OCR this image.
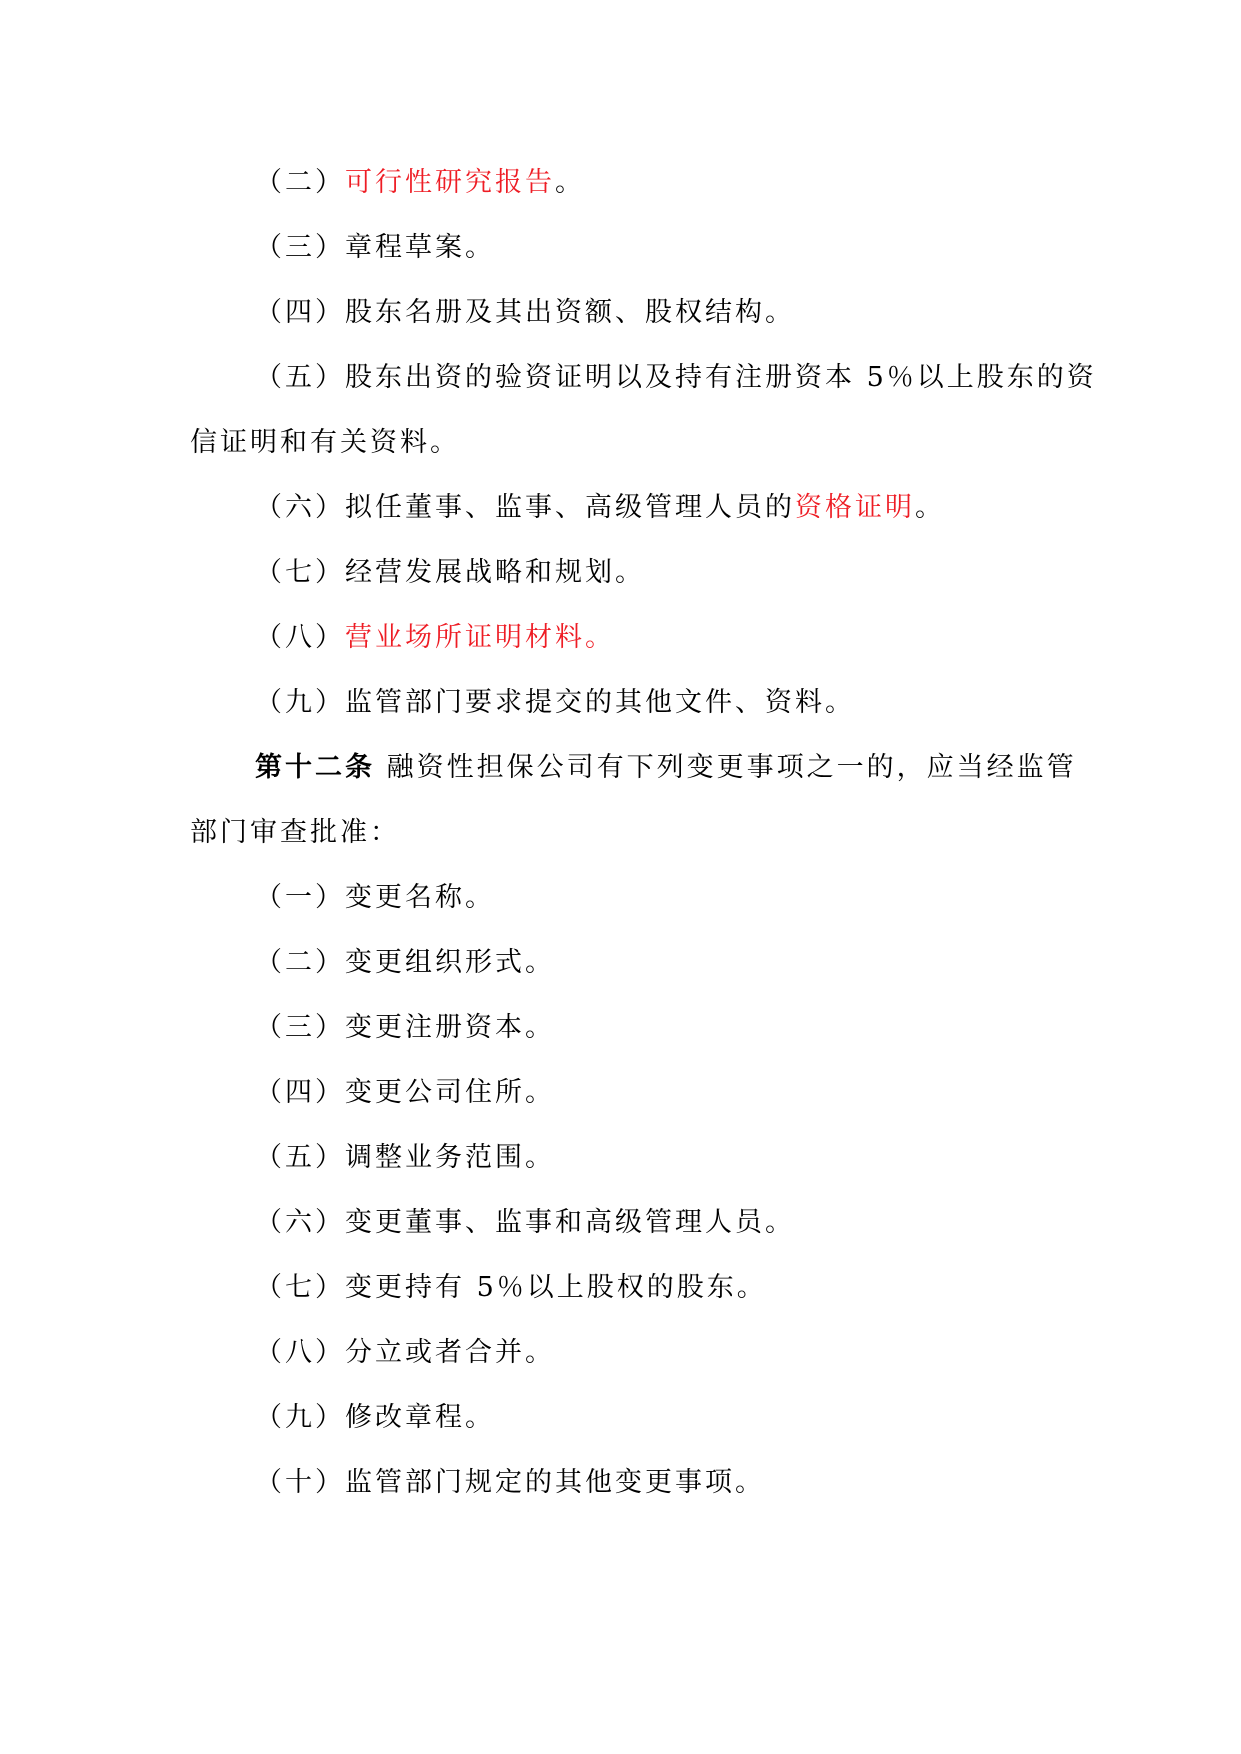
（二）可行性研究报告。
（三）章程草案。
（四）股东名册及其出资额、股权结构。
（五）股东出资的验资证明以及持有注册资本 5％以上股东的资
信证明和有关资料。
（六）拟任董事、监事、高级管理人员的资格证明。
（七）经营发展战略和规划。
（八）营业场所证明材料。
（九）监管部门要求提交的其他文件、资料。
第十二条 融资性担保公司有下列变更事项之一的，应当经监管
部门审查批准：
（一）变更名称。
（二）变更组织形式。
（三）变更注册资本。
（四）变更公司住所。
（五）调整业务范围。
（六）变更董事、监事和高级管理人员。
（七）变更持有 5％以上股权的股东。
（八）分立或者合并。
（九）修改章程。
（十）监管部门规定的其他变更事项。
